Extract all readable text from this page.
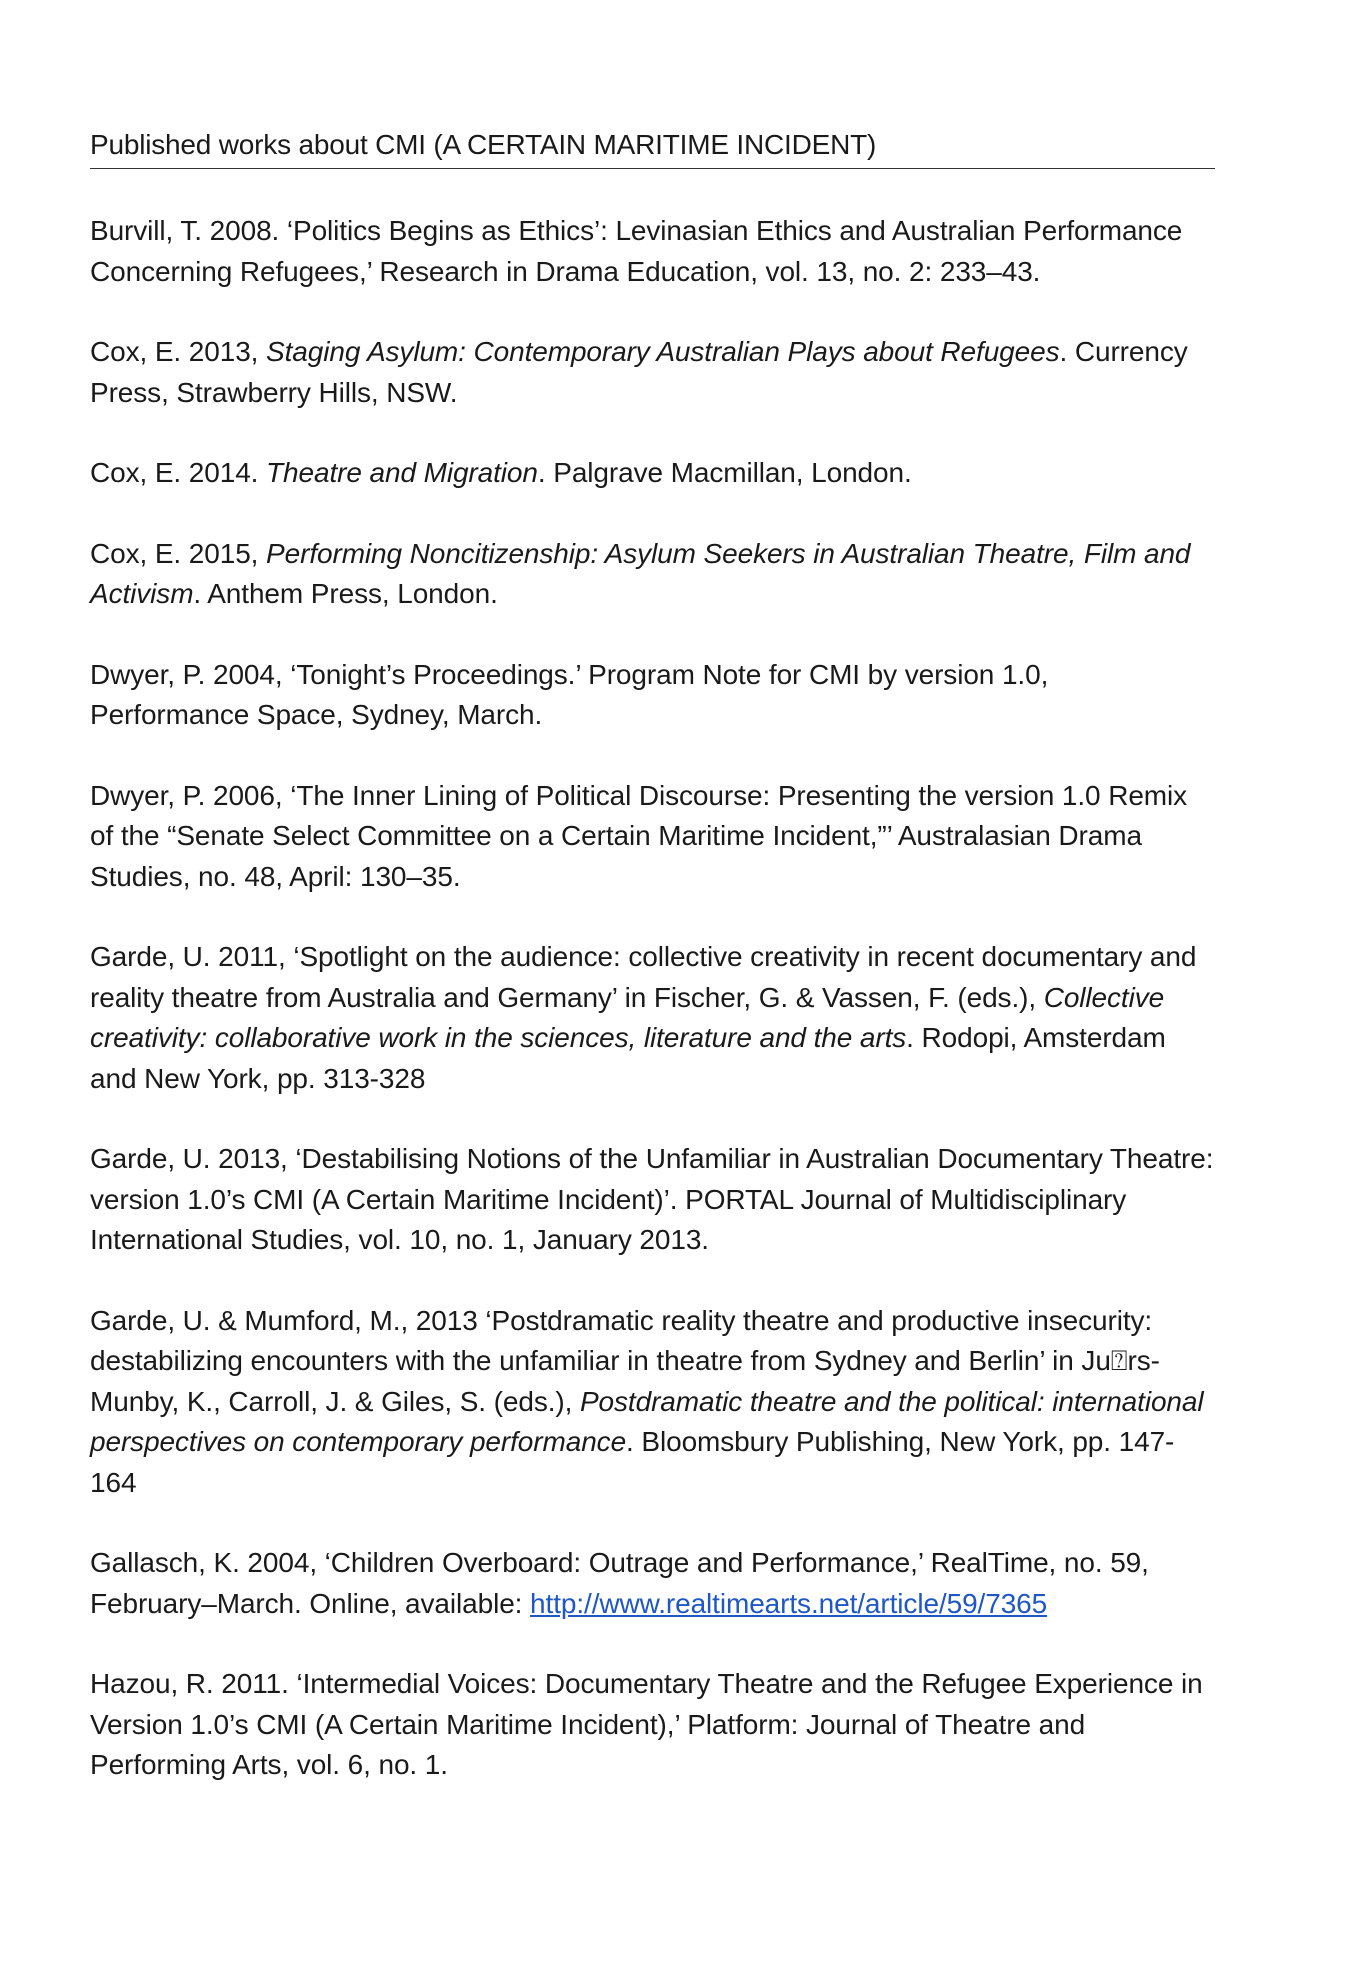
Published works about CMI (A CERTAIN MARITIME INCIDENT)

Burvill, T. 2008. ‘Politics Begins as Ethics’: Levinasian Ethics and Australian Performance Concerning Refugees,’ Research in Drama Education, vol. 13, no. 2: 233–43.

Cox, E. 2013, Staging Asylum: Contemporary Australian Plays about Refugees. Currency Press, Strawberry Hills, NSW.

Cox, E. 2014. Theatre and Migration. Palgrave Macmillan, London.

Cox, E. 2015, Performing Noncitizenship: Asylum Seekers in Australian Theatre, Film and Activism. Anthem Press, London.

Dwyer, P. 2004, ‘Tonight’s Proceedings.’ Program Note for CMI by version 1.0, Performance Space, Sydney, March.

Dwyer, P. 2006, ‘The Inner Lining of Political Discourse: Presenting the version 1.0 Remix of the “Senate Select Committee on a Certain Maritime Incident,”’ Australasian Drama Studies, no. 48, April: 130–35.

Garde, U. 2011, ‘Spotlight on the audience: collective creativity in recent documentary and reality theatre from Australia and Germany’ in Fischer, G. & Vassen, F. (eds.), Collective creativity: collaborative work in the sciences, literature and the arts. Rodopi, Amsterdam and New York, pp. 313-328

Garde, U. 2013, ‘Destabilising Notions of the Unfamiliar in Australian Documentary Theatre: version 1.0’s CMI (A Certain Maritime Incident)’. PORTAL Journal of Multidisciplinary International Studies, vol. 10, no. 1, January 2013.

Garde, U. & Mumford, M., 2013 ‘Postdramatic reality theatre and productive insecurity: destabilizing encounters with the unfamiliar in theatre from Sydney and Berlin’ in Ju⍰rs-Munby, K., Carroll, J. & Giles, S. (eds.), Postdramatic theatre and the political: international perspectives on contemporary performance. Bloomsbury Publishing, New York, pp. 147-164

Gallasch, K. 2004, ‘Children Overboard: Outrage and Performance,’ RealTime, no. 59, February–March. Online, available: http://www.realtimearts.net/article/59/7365

Hazou, R. 2011. ‘Intermedial Voices: Documentary Theatre and the Refugee Experience in Version 1.0’s CMI (A Certain Maritime Incident),’ Platform: Journal of Theatre and Performing Arts, vol. 6, no. 1.
